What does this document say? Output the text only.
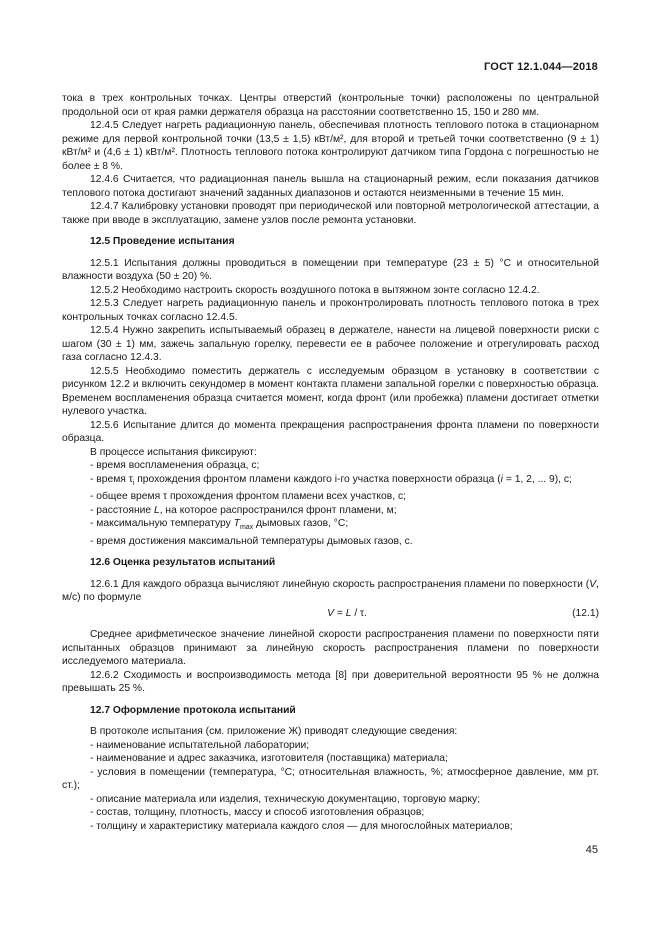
ГОСТ 12.1.044—2018

тока в трех контрольных точках. Центры отверстий (контрольные точки) расположены по центральной продольной оси от края рамки держателя образца на расстоянии соответственно 15, 150 и 280 мм.

12.4.5 Следует нагреть радиационную панель, обеспечивая плотность теплового потока в стационарном режиме для первой контрольной точки (13,5 ± 1,5) кВт/м², для второй и третьей точки соответственно (9 ± 1) кВт/м² и (4,6 ± 1) кВт/м². Плотность теплового потока контролируют датчиком типа Гордона с погрешностью не более ± 8 %.

12.4.6 Считается, что радиационная панель вышла на стационарный режим, если показания датчиков теплового потока достигают значений заданных диапазонов и остаются неизменными в течение 15 мин.

12.4.7 Калибровку установки проводят при периодической или повторной метрологической аттестации, а также при вводе в эксплуатацию, замене узлов после ремонта установки.

12.5 Проведение испытания

12.5.1 Испытания должны проводиться в помещении при температуре (23 ± 5) °С и относительной влажности воздуха (50 ± 20) %.

12.5.2 Необходимо настроить скорость воздушного потока в вытяжном зонте согласно 12.4.2.

12.5.3 Следует нагреть радиационную панель и проконтролировать плотность теплового потока в трех контрольных точках согласно 12.4.5.

12.5.4 Нужно закрепить испытываемый образец в держателе, нанести на лицевой поверхности риски с шагом (30 ± 1) мм, зажечь запальную горелку, перевести ее в рабочее положение и отрегулировать расход газа согласно 12.4.3.

12.5.5 Необходимо поместить держатель с исследуемым образцом в установку в соответствии с рисунком 12.2 и включить секундомер в момент контакта пламени запальной горелки с поверхностью образца. Временем воспламенения образца считается момент, когда фронт (или пробежка) пламени достигает отметки нулевого участка.

12.5.6 Испытание длится до момента прекращения распространения фронта пламени по поверхности образца.

В процессе испытания фиксируют:

- время воспламенения образца, с;

- время $\tau_i$ прохождения фронтом пламени каждого i-го участка поверхности образца (i = 1, 2, ... 9), с;

- общее время τ прохождения фронтом пламени всех участков, с;

- расстояние L, на которое распространился фронт пламени, м;

- максимальную температуру $T_{max}$ дымовых газов, °С;

- время достижения максимальной температуры дымовых газов, с.

12.6 Оценка результатов испытаний

12.6.1 Для каждого образца вычисляют линейную скорость распространения пламени по поверхности (V, м/с) по формуле

V = L / τ.	(12.1)

Среднее арифметическое значение линейной скорости распространения пламени по поверхности пяти испытанных образцов принимают за линейную скорость распространения пламени по поверхности исследуемого материала.

12.6.2 Сходимость и воспроизводимость метода [8] при доверительной вероятности 95 % не должна превышать 25 %.

12.7 Оформление протокола испытаний

В протоколе испытания (см. приложение Ж) приводят следующие сведения:

- наименование испытательной лаборатории;

- наименование и адрес заказчика, изготовителя (поставщика) материала;

- условия в помещении (температура, °С; относительная влажность, %; атмосферное давление, мм рт. ст.);

- описание материала или изделия, техническую документацию, торговую марку;

- состав, толщину, плотность, массу и способ изготовления образцов;

- толщину и характеристику материала каждого слоя — для многослойных материалов;

45
